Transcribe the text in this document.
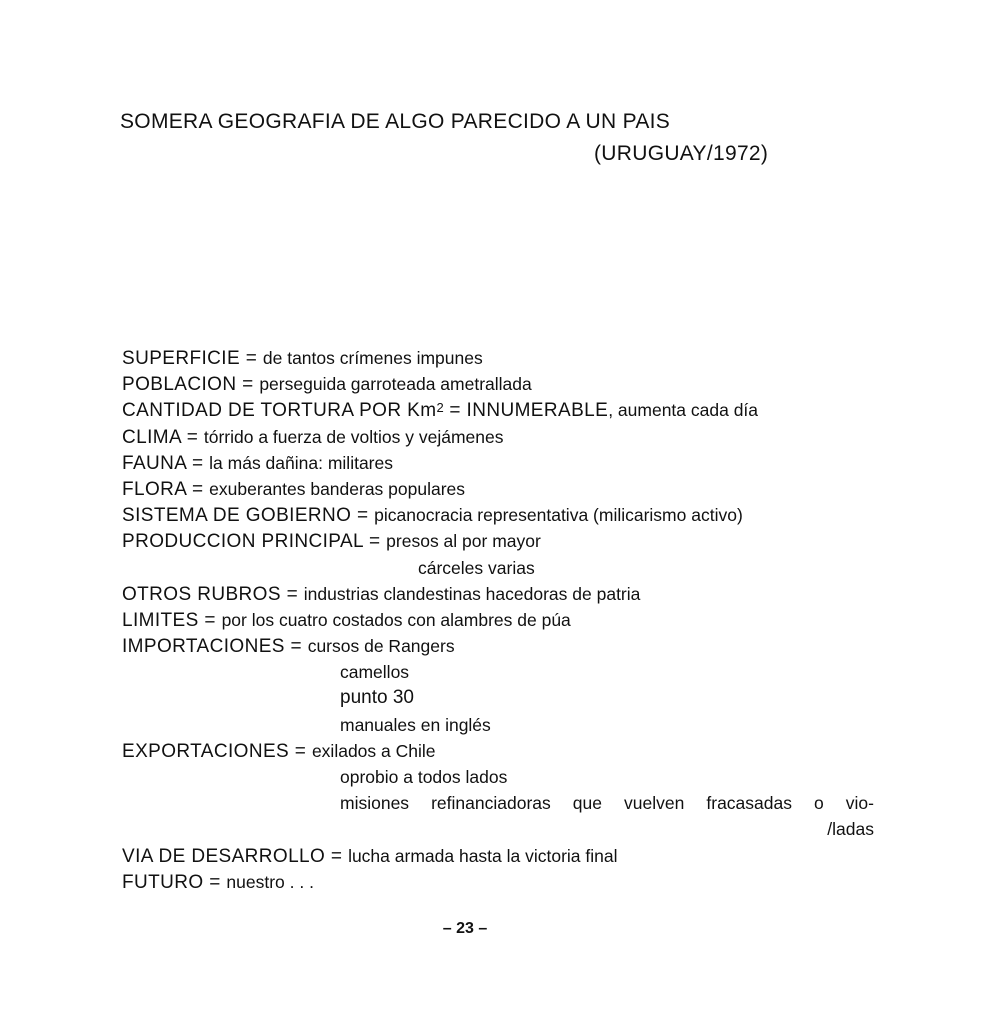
SOMERA GEOGRAFIA DE ALGO PARECIDO A UN PAIS
(URUGUAY/1972)
SUPERFICIE = de tantos crímenes impunes
POBLACION = perseguida garroteada ametrallada
CANTIDAD DE TORTURA POR $Km^2$ = INNUMERABLE, aumenta cada día
CLIMA = tórrido a fuerza de voltios y vejámenes
FAUNA = la más dañina: militares
FLORA = exuberantes banderas populares
SISTEMA DE GOBIERNO = picanocracia representativa (milicarismo activo)
PRODUCCION PRINCIPAL = presos al por mayor
cárceles varias
OTROS RUBROS = industrias clandestinas hacedoras de patria
LIMITES = por los cuatro costados con alambres de púa
IMPORTACIONES = cursos de Rangers
camellos
punto 30
manuales en inglés
EXPORTACIONES = exilados a Chile
oprobio a todos lados
misiones refinanciadoras que vuelven fracasadas o vio-
/ladas
VIA DE DESARROLLO = lucha armada hasta la victoria final
FUTURO = nuestro . . .
– 23 –
